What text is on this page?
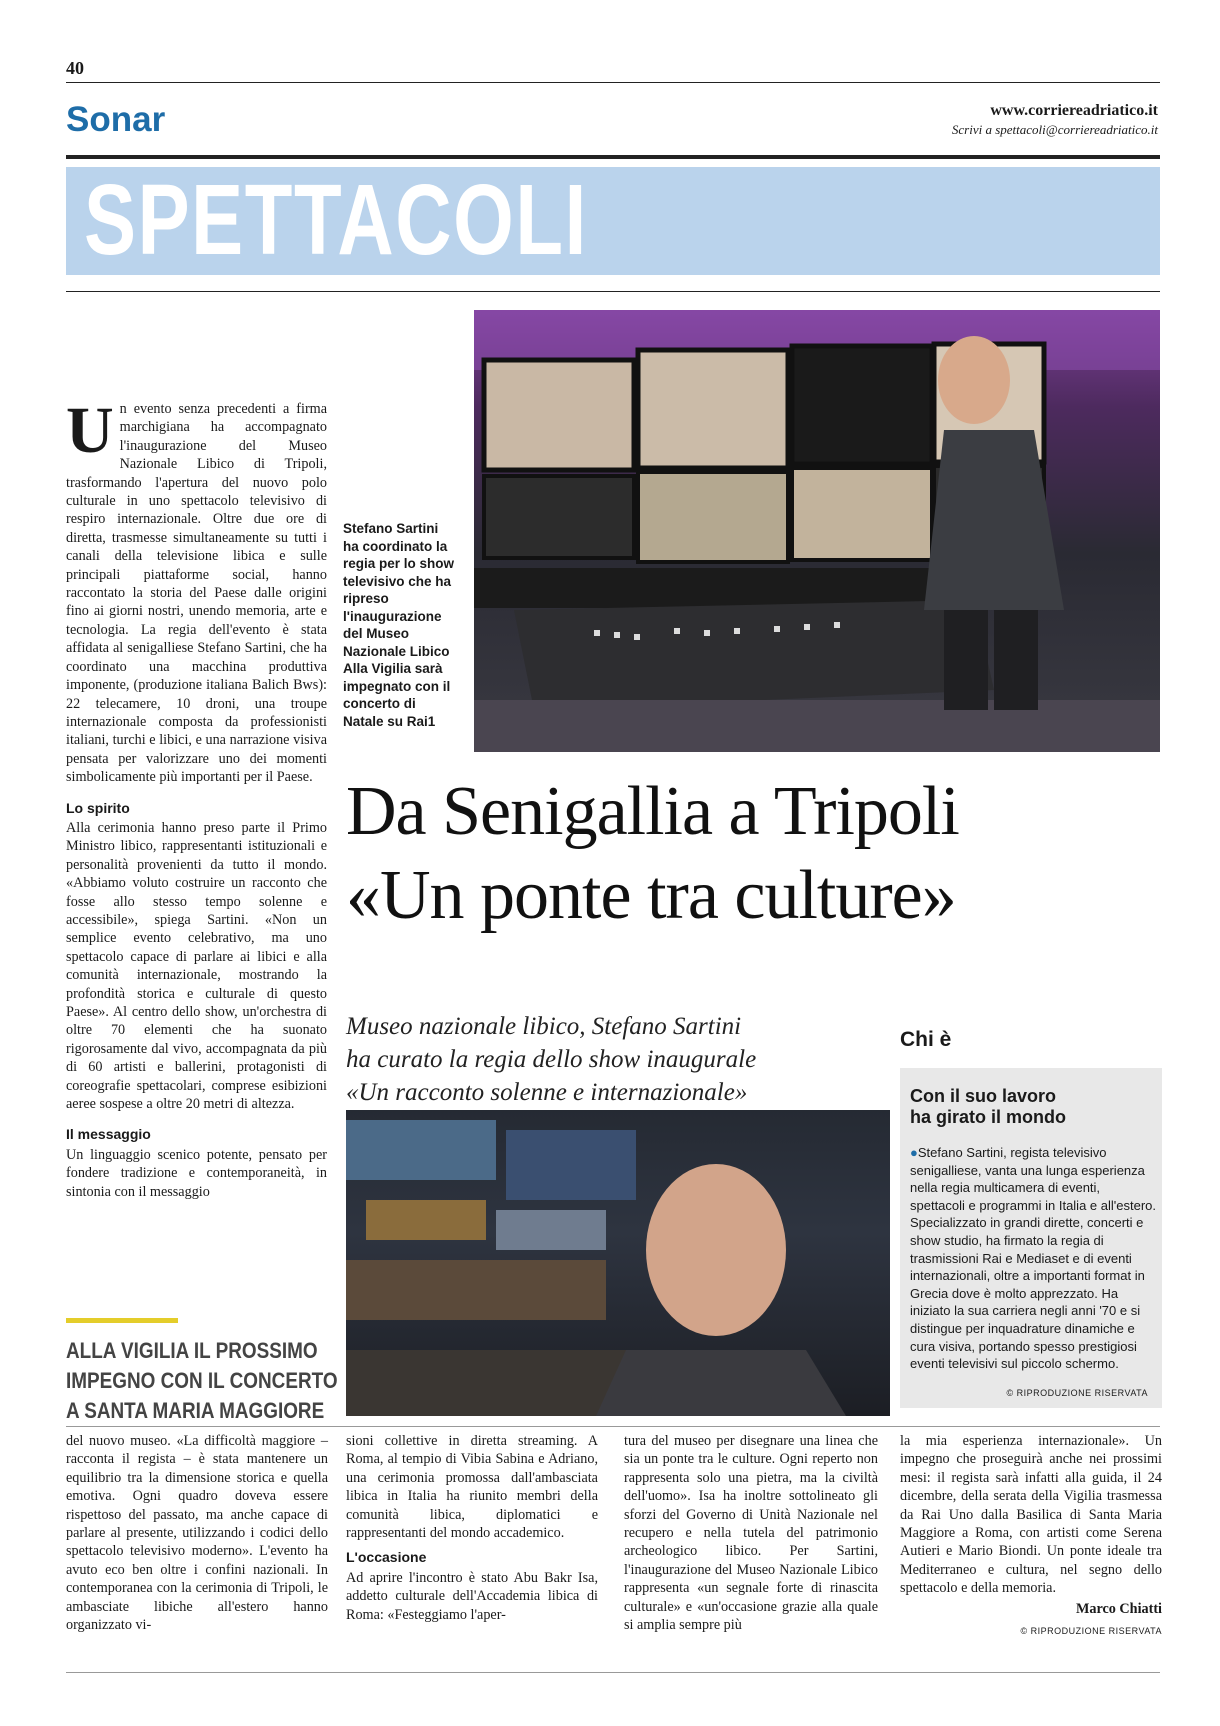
40
Sonar	www.corriereadriatico.it
Scrivi a spettacoli@corriereadriatico.it
SPETTACOLI

Un evento senza precedenti a firma marchigiana ha accompagnato l'inaugurazione del Museo Nazionale Libico di Tripoli, trasformando l'apertura del nuovo polo culturale in uno spettacolo televisivo di respiro internazionale. Oltre due ore di diretta, trasmesse simultaneamente su tutti i canali della televisione libica e sulle principali piattaforme social, hanno raccontato la storia del Paese dalle origini fino ai giorni nostri, unendo memoria, arte e tecnologia. La regia dell'evento è stata affidata al senigalliese Stefano Sartini, che ha coordinato una macchina produttiva imponente, (produzione italiana Balich Bws): 22 telecamere, 10 droni, una troupe internazionale composta da professionisti italiani, turchi e libici, e una narrazione visiva pensata per valorizzare uno dei momenti simbolicamente più importanti per il Paese.

Lo spirito

Alla cerimonia hanno preso parte il Primo Ministro libico, rappresentanti istituzionali e personalità provenienti da tutto il mondo. «Abbiamo voluto costruire un racconto che fosse allo stesso tempo solenne e accessibile», spiega Sartini. «Non un semplice evento celebrativo, ma uno spettacolo capace di parlare ai libici e alla comunità internazionale, mostrando la profondità storica e culturale di questo Paese». Al centro dello show, un'orchestra di oltre 70 elementi che ha suonato rigorosamente dal vivo, accompagnata da più di 60 artisti e ballerini, protagonisti di coreografie spettacolari, comprese esibizioni aeree sospese a oltre 20 metri di altezza.

Il messaggio

Un linguaggio scenico potente, pensato per fondere tradizione e contemporaneità, in sintonia con il messaggio

ALLA VIGILIA IL PROSSIMO
IMPEGNO CON IL CONCERTO
A SANTA MARIA MAGGIORE
Stefano Sartini ha coordinato la regia per lo show televisivo che ha ripreso l'inaugurazione del Museo Nazionale Libico Alla Vigilia sarà impegnato con il concerto di Natale su Rai1
Da Senigallia a Tripoli
«Un ponte tra culture»
Museo nazionale libico, Stefano Sartini
ha curato la regia dello show inaugurale
«Un racconto solenne e internazionale»
Chi è
Con il suo lavoro
ha girato il mondo
●Stefano Sartini, regista televisivo senigalliese, vanta una lunga esperienza nella regia multicamera di eventi, spettacoli e programmi in Italia e all'estero. Specializzato in grandi dirette, concerti e show studio, ha firmato la regia di trasmissioni Rai e Mediaset e di eventi internazionali, oltre a importanti format in Grecia dove è molto apprezzato. Ha iniziato la sua carriera negli anni '70 e si distingue per inquadrature dinamiche e cura visiva, portando spesso prestigiosi eventi televisivi sul piccolo schermo.
© RIPRODUZIONE RISERVATA

del nuovo museo. «La difficoltà maggiore – racconta il regista – è stata mantenere un equilibrio tra la dimensione storica e quella emotiva. Ogni quadro doveva essere rispettoso del passato, ma anche capace di parlare al presente, utilizzando i codici dello spettacolo televisivo moderno». L'evento ha avuto eco ben oltre i confini nazionali. In contemporanea con la cerimonia di Tripoli, le ambasciate libiche all'estero hanno organizzato vi-

sioni collettive in diretta streaming. A Roma, al tempio di Vibia Sabina e Adriano, una cerimonia promossa dall'ambasciata libica in Italia ha riunito membri della comunità libica, diplomatici e rappresentanti del mondo accademico.

L'occasione

Ad aprire l'incontro è stato Abu Bakr Isa, addetto culturale dell'Accademia libica di Roma: «Festeggiamo l'aper-

tura del museo per disegnare una linea che sia un ponte tra le culture. Ogni reperto non rappresenta solo una pietra, ma la civiltà dell'uomo». Isa ha inoltre sottolineato gli sforzi del Governo di Unità Nazionale nel recupero e nella tutela del patrimonio archeologico libico. Per Sartini, l'inaugurazione del Museo Nazionale Libico rappresenta «un segnale forte di rinascita culturale» e «un'occasione grazie alla quale si amplia sempre più

la mia esperienza internazionale». Un impegno che proseguirà anche nei prossimi mesi: il regista sarà infatti alla guida, il 24 dicembre, della serata della Vigilia trasmessa da Rai Uno dalla Basilica di Santa Maria Maggiore a Roma, con artisti come Serena Autieri e Mario Biondi. Un ponte ideale tra Mediterraneo e cultura, nel segno dello spettacolo e della memoria.

Marco Chiatti
© RIPRODUZIONE RISERVATA
